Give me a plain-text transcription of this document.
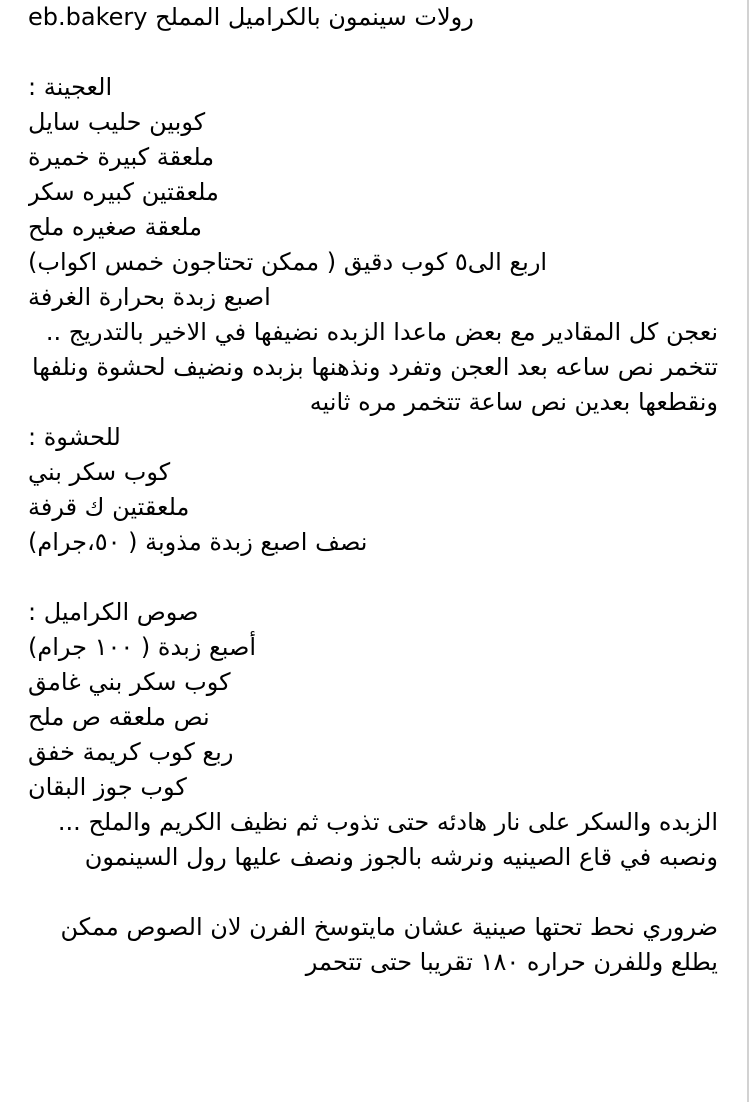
رولات سينمون بالكراميل المملح eb.bakery

العجينة :

كوبين حليب سايل

ملعقة كبيرة خميرة

ملعقتين كبيره سكر

ملعقة صغيره ملح

اربع الى٥ كوب دقيق ( ممكن تحتاجون خمس اكواب)

اصبع زبدة بحرارة الغرفة

نعجن كل المقادير مع بعض ماعدا الزبده نضيفها في الاخير بالتدريج .. تتخمر نص ساعه بعد العجن وتفرد ونذهنها بزبده ونضيف لحشوة ونلفها ونقطعها بعدين نص ساعة تتخمر مره ثانيه

للحشوة :

كوب سكر بني

ملعقتين ك قرفة

نصف اصبع زبدة مذوبة ( ٥٠،جرام)

صوص الكراميل :

أصبع زبدة ( ١٠٠ جرام)

كوب سكر بني غامق

نص ملعقه ص ملح

ربع كوب كريمة خفق

كوب جوز البقان

الزبده والسكر على نار هادئه حتى تذوب ثم نظيف الكريم والملح ... ونصبه في قاع الصينيه ونرشه بالجوز ونصف عليها رول السينمون

ضروري نحط تحتها صينية عشان مايتوسخ الفرن لان الصوص ممكن يطلع وللفرن حراره ١٨٠ تقريبا حتى تتحمر
